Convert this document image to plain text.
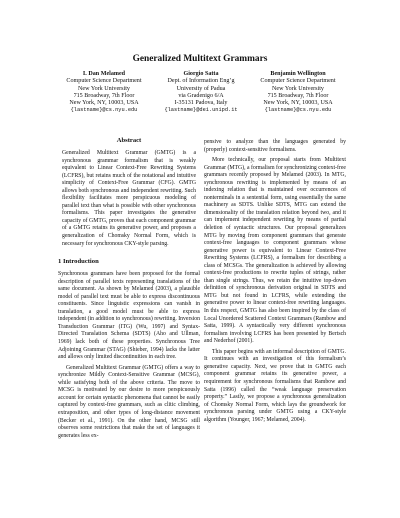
Generalized Multitext Grammars
I. Dan Melamed
Computer Science Department
New York University
715 Broadway, 7th Floor
New York, NY, 10003, USA
{lastname}@cs.nyu.edu
Giorgio Satta
Dept. of Information Eng’g
University of Padua
via Gradenigo 6/A
I-35131 Padova, Italy
{lastname}@dei.unipd.it
Benjamin Wellington
Computer Science Department
New York University
715 Broadway, 7th Floor
New York, NY, 10003, USA
{lastname}@cs.nyu.edu
Abstract

Generalized Multitext Grammar (GMTG) is a synchronous grammar formalism that is weakly equivalent to Linear Context-Free Rewriting Systems (LCFRS), but retains much of the notational and intuitive simplicity of Context-Free Grammar (CFG). GMTG allows both synchronous and independent rewriting. Such flexibility facilitates more perspicuous modeling of parallel text than what is possible with other synchronous formalisms. This paper investigates the generative capacity of GMTG, proves that each component grammar of a GMTG retains its generative power, and proposes a generalization of Chomsky Normal Form, which is necessary for synchronous CKY-style parsing.

1 Introduction

Synchronous grammars have been proposed for the formal description of parallel texts representing translations of the same document. As shown by Melamed (2003), a plausible model of parallel text must be able to express discontinuous constituents. Since linguistic expressions can vanish in translation, a good model must be able to express independent (in addition to synchronous) rewriting. Inversion Transduction Grammar (ITG) (Wu, 1997) and Syntax-Directed Translation Schema (SDTS) (Aho and Ullman, 1969) lack both of these properties. Synchronous Tree Adjoining Grammar (STAG) (Shieber, 1994) lacks the latter and allows only limited discontinuities in each tree.

Generalized Multitext Grammar (GMTG) offers a way to synchronize Mildly Context-Sensitive Grammar (MCSG), while satisfying both of the above criteria. The move to MCSG is motivated by our desire to more perspicuously account for certain syntactic phenomena that cannot be easily captured by context-free grammars, such as clitic climbing, extraposition, and other types of long-distance movement (Becker et al., 1991). On the other hand, MCSG still observes some restrictions that make the set of languages it generates less ex-

pensive to analyze than the languages generated by (properly) context-sensitive formalisms.

More technically, our proposal starts from Multitext Grammar (MTG), a formalism for synchronizing context-free grammars recently proposed by Melamed (2003). In MTG, synchronous rewriting is implemented by means of an indexing relation that is maintained over occurrences of nonterminals in a sentential form, using essentially the same machinery as SDTS. Unlike SDTS, MTG can extend the dimensionality of the translation relation beyond two, and it can implement independent rewriting by means of partial deletion of syntactic structures. Our proposal generalizes MTG by moving from component grammars that generate context-free languages to component grammars whose generative power is equivalent to Linear Context-Free Rewriting Systems (LCFRS), a formalism for describing a class of MCSGs. The generalization is achieved by allowing context-free productions to rewrite tuples of strings, rather than single strings. Thus, we retain the intuitive top-down definition of synchronous derivation original in SDTS and MTG but not found in LCFRS, while extending the generative power to linear context-free rewriting languages. In this respect, GMTG has also been inspired by the class of Local Unordered Scattered Context Grammars (Rambow and Satta, 1999). A syntactically very different synchronous formalism involving LCFRS has been presented by Bertsch and Nederhof (2001).

This paper begins with an informal description of GMTG. It continues with an investigation of this formalism’s generative capacity. Next, we prove that in GMTG each component grammar retains its generative power, a requirement for synchronous formalisms that Rambow and Satta (1996) called the “weak language preservation property.” Lastly, we propose a synchronous generalization of Chomsky Normal Form, which lays the groundwork for synchronous parsing under GMTG using a CKY-style algorithm (Younger, 1967; Melamed, 2004).
